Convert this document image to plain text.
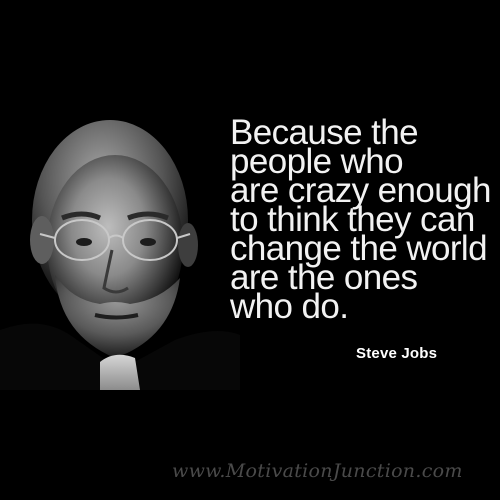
Because the
people who
are crazy enough
to think they can
change the world
are the ones
who do.
Steve Jobs
www.MotivationJunction.com
